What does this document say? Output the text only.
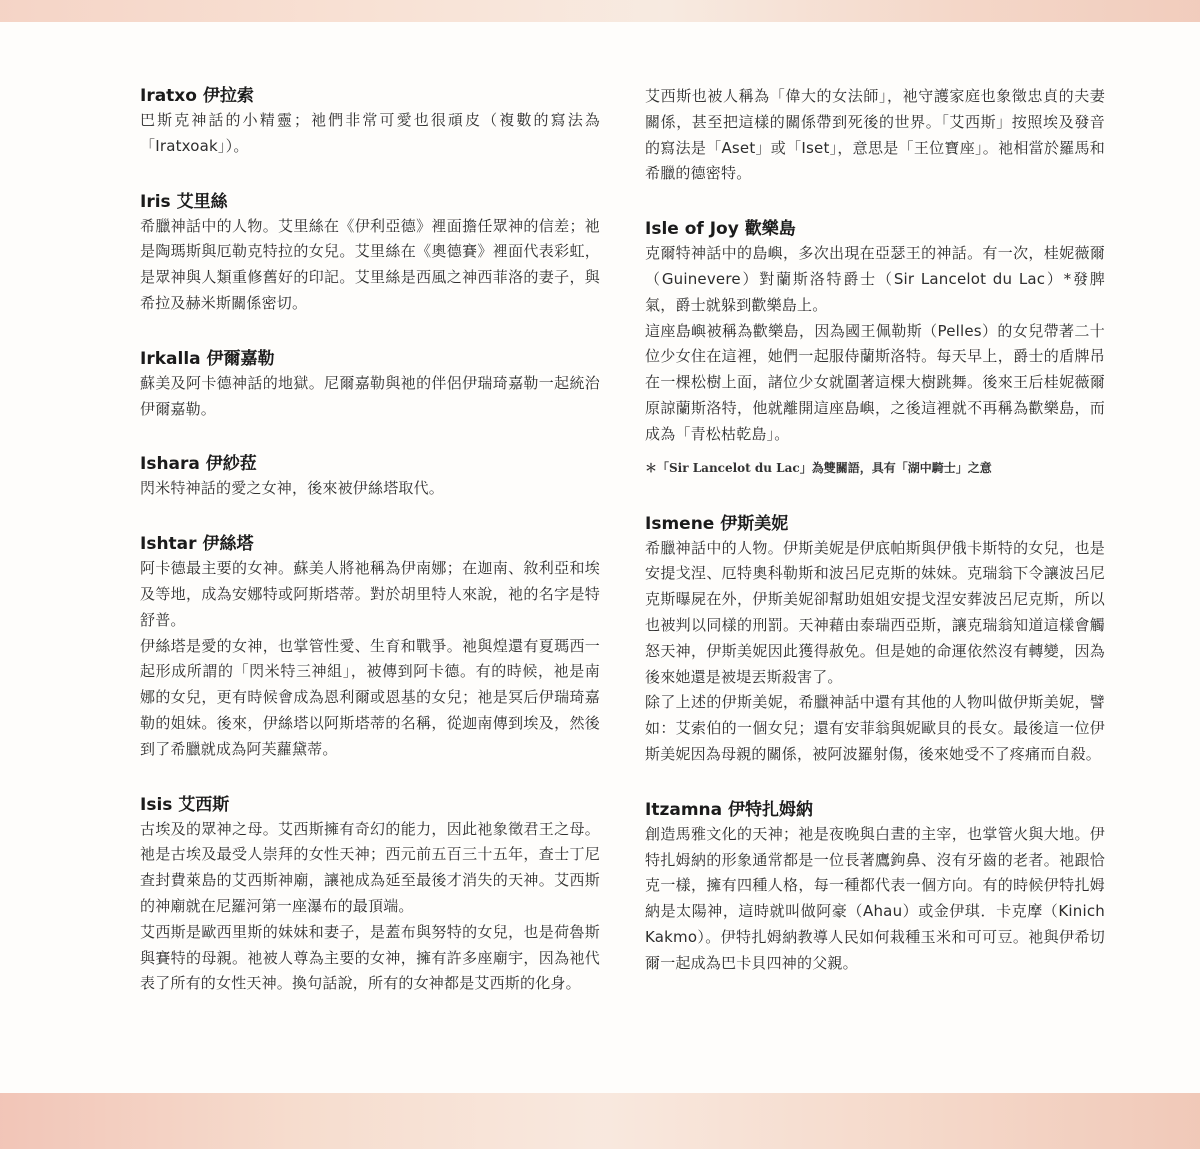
Iratxo 伊拉索

巴斯克神話的小精靈；祂們非常可愛也很頑皮（複數的寫法為「Iratxoak」）。

Iris 艾里絲

希臘神話中的人物。艾里絲在《伊利亞德》裡面擔任眾神的信差；祂是陶瑪斯與厄勒克特拉的女兒。艾里絲在《奧德賽》裡面代表彩虹，是眾神與人類重修舊好的印記。艾里絲是西風之神西菲洛的妻子，與希拉及赫米斯關係密切。

Irkalla 伊爾嘉勒

蘇美及阿卡德神話的地獄。尼爾嘉勒與祂的伴侶伊瑞琦嘉勒一起統治伊爾嘉勒。

Ishara 伊紗菈

閃米特神話的愛之女神，後來被伊絲塔取代。

Ishtar 伊絲塔

阿卡德最主要的女神。蘇美人將祂稱為伊南娜；在迦南、敘利亞和埃及等地，成為安娜特或阿斯塔蒂。對於胡里特人來說，祂的名字是特舒普。

伊絲塔是愛的女神，也掌管性愛、生育和戰爭。祂與煌還有夏瑪西一起形成所謂的「閃米特三神組」，被傳到阿卡德。有的時候，祂是南娜的女兒，更有時候會成為恩利爾或恩基的女兒；祂是冥后伊瑞琦嘉勒的姐妹。後來，伊絲塔以阿斯塔蒂的名稱，從迦南傳到埃及，然後到了希臘就成為阿芙蘿黛蒂。

Isis 艾西斯

古埃及的眾神之母。艾西斯擁有奇幻的能力，因此祂象徵君王之母。祂是古埃及最受人崇拜的女性天神；西元前五百三十五年，查士丁尼查封費萊島的艾西斯神廟，讓祂成為延至最後才消失的天神。艾西斯的神廟就在尼羅河第一座瀑布的最頂端。

艾西斯是歐西里斯的妹妹和妻子，是蓋布與努特的女兒，也是荷魯斯與賽特的母親。祂被人尊為主要的女神，擁有許多座廟宇，因為祂代表了所有的女性天神。換句話說，所有的女神都是艾西斯的化身。

艾西斯也被人稱為「偉大的女法師」，祂守護家庭也象徵忠貞的夫妻關係，甚至把這樣的關係帶到死後的世界。「艾西斯」按照埃及發音的寫法是「Aset」或「Iset」，意思是「王位寶座」。祂相當於羅馬和希臘的德密特。

Isle of Joy 歡樂島

克爾特神話中的島嶼，多次出現在亞瑟王的神話。有一次，桂妮薇爾（Guinevere）對蘭斯洛特爵士（Sir Lancelot du Lac）*發脾氣，爵士就躲到歡樂島上。

這座島嶼被稱為歡樂島，因為國王佩勒斯（Pelles）的女兒帶著二十位少女住在這裡，她們一起服侍蘭斯洛特。每天早上，爵士的盾牌吊在一棵松樹上面，諸位少女就圍著這棵大樹跳舞。後來王后桂妮薇爾原諒蘭斯洛特，他就離開這座島嶼，之後這裡就不再稱為歡樂島，而成為「青松枯乾島」。

＊「Sir Lancelot du Lac」為雙關語，具有「湖中騎士」之意

Ismene 伊斯美妮

希臘神話中的人物。伊斯美妮是伊底帕斯與伊俄卡斯特的女兒，也是安提戈涅、厄特奧科勒斯和波呂尼克斯的妹妹。克瑞翁下令讓波呂尼克斯曝屍在外，伊斯美妮卻幫助姐姐安提戈涅安葬波呂尼克斯，所以也被判以同樣的刑罰。天神藉由泰瑞西亞斯，讓克瑞翁知道這樣會觸怒天神，伊斯美妮因此獲得赦免。但是她的命運依然沒有轉變，因為後來她還是被堤丟斯殺害了。

除了上述的伊斯美妮，希臘神話中還有其他的人物叫做伊斯美妮，譬如：艾索伯的一個女兒；還有安菲翁與妮歐貝的長女。最後這一位伊斯美妮因為母親的關係，被阿波羅射傷，後來她受不了疼痛而自殺。

Itzamna 伊特扎姆納

創造馬雅文化的天神；祂是夜晚與白晝的主宰，也掌管火與大地。伊特扎姆納的形象通常都是一位長著鷹鉤鼻、沒有牙齒的老者。祂跟恰克一樣，擁有四種人格，每一種都代表一個方向。有的時候伊特扎姆納是太陽神，這時就叫做阿豪（Ahau）或金伊琪．卡克摩（Kinich Kakmo）。伊特扎姆納教導人民如何栽種玉米和可可豆。祂與伊希切爾一起成為巴卡貝四神的父親。
